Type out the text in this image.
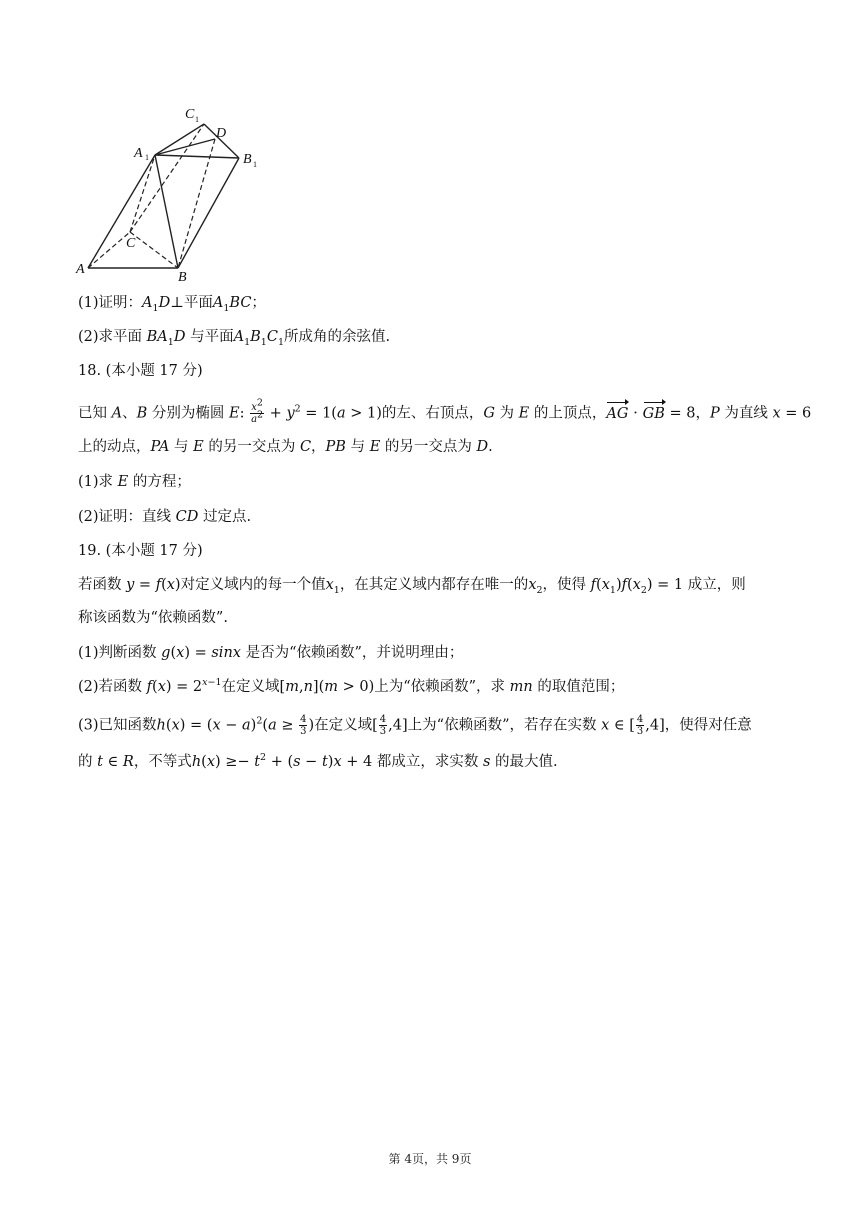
A
B
C
D
A	B
C
1
1
1
(1)证明：$A_1D\perp$平面$A_1BC$；
(2)求平面 $BA_1D$ 与平面$A_1B_1C_1$所成角的余弦值.
18. (本小题 17 分)
已知 A、B 分别为椭圆 E: $\frac{x^2}{a^2} + y^2 = 1(a > 1)$的左、右顶点，G 为 E 的上顶点，AG ⋅ GB = 8，P 为直线 x = 6
上的动点，PA 与 E 的另一交点为 C，PB 与 E 的另一交点为 D.
(1)求 E 的方程；
(2)证明：直线 CD 过定点.
19. (本小题 17 分)
若函数 y = f(x)对定义域内的每一个值$x_1$，在其定义域内都存在唯一的$x_2$，使得 $f(x_1)f(x_2) = 1$ 成立，则
称该函数为“依赖函数”.
(1)判断函数 g(x) = sinx 是否为“依赖函数”，并说明理由；
(2)若函数 $f(x) = 2^{x-1}$在定义域[m,n](m > 0)上为“依赖函数”，求 mn 的取值范围；
(3)已知函数$h(x) = (x - a)^2(a \ge \frac{4}{3}$ )在定义域[ $\frac{4}{3} ,4$]上为“依赖函数”，若存在实数 x ∈ [ $\frac{4}{3} ,4$]，使得对任意
的 t ∈ R，不等式$h(x) \ge- t^2 + (s - t)x + 4$ 都成立，求实数 s 的最大值.
第 4页，共 9页
